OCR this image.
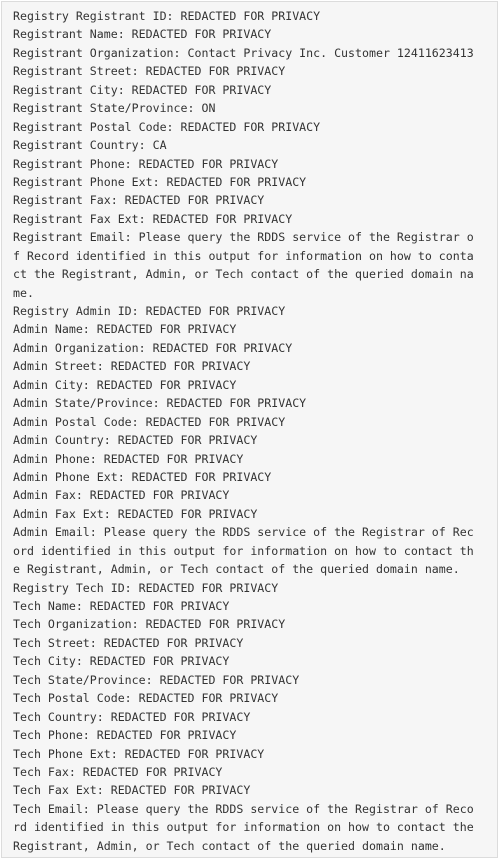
Registry Registrant ID: REDACTED FOR PRIVACY
Registrant Name: REDACTED FOR PRIVACY
Registrant Organization: Contact Privacy Inc. Customer 12411623413
Registrant Street: REDACTED FOR PRIVACY
Registrant City: REDACTED FOR PRIVACY
Registrant State/Province: ON
Registrant Postal Code: REDACTED FOR PRIVACY
Registrant Country: CA
Registrant Phone: REDACTED FOR PRIVACY
Registrant Phone Ext: REDACTED FOR PRIVACY
Registrant Fax: REDACTED FOR PRIVACY
Registrant Fax Ext: REDACTED FOR PRIVACY
Registrant Email: Please query the RDDS service of the Registrar o
f Record identified in this output for information on how to conta
ct the Registrant, Admin, or Tech contact of the queried domain na
me.
Registry Admin ID: REDACTED FOR PRIVACY
Admin Name: REDACTED FOR PRIVACY
Admin Organization: REDACTED FOR PRIVACY
Admin Street: REDACTED FOR PRIVACY
Admin City: REDACTED FOR PRIVACY
Admin State/Province: REDACTED FOR PRIVACY
Admin Postal Code: REDACTED FOR PRIVACY
Admin Country: REDACTED FOR PRIVACY
Admin Phone: REDACTED FOR PRIVACY
Admin Phone Ext: REDACTED FOR PRIVACY
Admin Fax: REDACTED FOR PRIVACY
Admin Fax Ext: REDACTED FOR PRIVACY
Admin Email: Please query the RDDS service of the Registrar of Rec
ord identified in this output for information on how to contact th
e Registrant, Admin, or Tech contact of the queried domain name.
Registry Tech ID: REDACTED FOR PRIVACY
Tech Name: REDACTED FOR PRIVACY
Tech Organization: REDACTED FOR PRIVACY
Tech Street: REDACTED FOR PRIVACY
Tech City: REDACTED FOR PRIVACY
Tech State/Province: REDACTED FOR PRIVACY
Tech Postal Code: REDACTED FOR PRIVACY
Tech Country: REDACTED FOR PRIVACY
Tech Phone: REDACTED FOR PRIVACY
Tech Phone Ext: REDACTED FOR PRIVACY
Tech Fax: REDACTED FOR PRIVACY
Tech Fax Ext: REDACTED FOR PRIVACY
Tech Email: Please query the RDDS service of the Registrar of Reco
rd identified in this output for information on how to contact the
Registrant, Admin, or Tech contact of the queried domain name.
